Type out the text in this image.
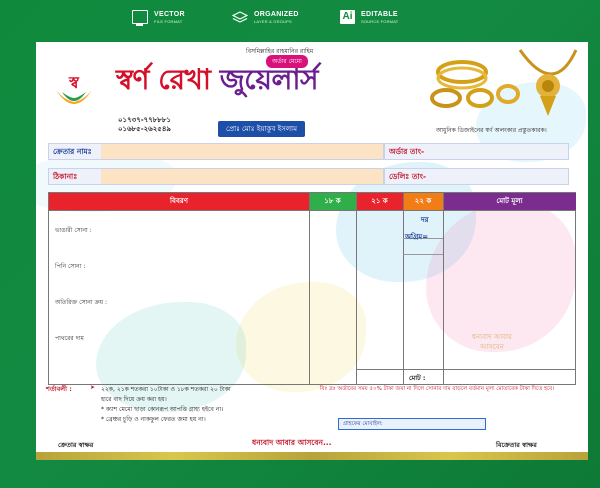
VECTOR
FILE FORMAT
ORGANIZED
LAYER & GROUPS	Ai	EDITABLE
SOURCE FORMAT
স্ব
বিসমিল্লাহির রাহমানির রাহিম
অর্ডার মেমো
স্বর্ণ রেখা জুয়েলার্স
০১৭৩৭-৭৭৮৮৮১
০১৬৮৫-২৬২৫৪৯	প্রোঃ মোঃ ইয়াকুব ইসলাম	আধুনিক ডিজাইনের স্বর্ণ অলংকার প্রস্তুতকারক।
ক্রেতার নামঃ	অর্ডার তাং-
ঠিকানাঃ	ডেলিঃ তাং-
বিবরণ	১৮ ক	২১ ক	২২ ক	মোট মূল্য
ভাঙারী সোনা :
পিনি সোনা :
অতিরিক্ত সোনা ক্রয় :
পাথরের দাম
দর
অগ্রিম=
মোট :
ধন্যবাদ আবার
আসবেন
শর্তাবলী :	➤ ২২ক, ২১ক শতকরা ১০টাকা ও ১৮ক শতকরা ২০ টাকা
হারে বাদ দিয়ে ক্রয় করা হয়।
* ক্যাশ মেমো ছাড়া কোনরূপ আপত্তি গ্রাহ্য হইবে না।
* ব্রেঞ্চর চুড়ি ও নাকফুল ফেরত জমা হয় না।
বিঃ দ্রঃ অর্ডারের সময় ৫০% টাকা জমা না দিলে সোনার দাম বাড়লে বর্তমান মূল্য মোতাবেক টাকা দিতে হবে।
গ্রাহকের মোবাইল:
ক্রেতার স্বাক্ষর	ধন্যবাদ আবার আসবেন...	বিক্রেতার স্বাক্ষর
